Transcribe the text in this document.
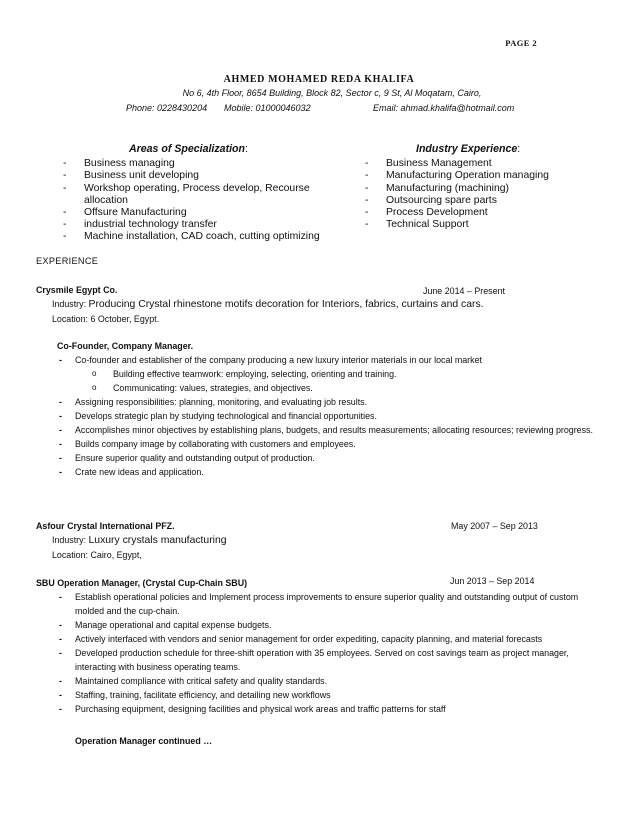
PAGE 2
AHMED MOHAMED REDA KHALIFA
No 6, 4th Floor, 8654 Building, Block 82, Sector c, 9 St, Al Moqatam, Cairo,
Phone: 0228430204 Mobile: 01000046032	Email: ahmad.khalifa@hotmail.com
Areas of Specialization:
- Business managing
- Business unit developing
- Workshop operating, Process develop, Recourse allocation
- Offsure Manufacturing
- industrial technology transfer
- Machine installation, CAD coach, cutting optimizing
Industry Experience:
- Business Management
- Manufacturing Operation managing
- Manufacturing (machining)
- Outsourcing spare parts
- Process Development
- Technical Support
EXPERIENCE
Crysmile Egypt Co.
Industry: Producing Crystal rhinestone motifs decoration for Interiors, fabrics, curtains and cars.
Location: 6 October, Egypt.
June 2014 – Present
Co-Founder, Company Manager.
- Co-founder and establisher of the company producing a new luxury interior materials in our local market
o Building effective teamwork: employing, selecting, orienting and training.
o Communicating: values, strategies, and objectives.
- Assigning responsibilities: planning, monitoring, and evaluating job results.
- Develops strategic plan by studying technological and financial opportunities.
- Accomplishes minor objectives by establishing plans, budgets, and results measurements; allocating resources; reviewing progress.
- Builds company image by collaborating with customers and employees.
- Ensure superior quality and outstanding output of production.
- Crate new ideas and application.
Asfour Crystal International PFZ.
Industry: Luxury crystals manufacturing
Location: Cairo, Egypt,
May 2007 – Sep 2013
SBU Operation Manager, (Crystal Cup-Chain SBU)	Jun 2013 – Sep 2014
- Establish operational policies and Implement process improvements to ensure superior quality and outstanding output of custom molded and the cup-chain.
- Manage operational and capital expense budgets.
- Actively interfaced with vendors and senior management for order expediting, capacity planning, and material forecasts
- Developed production schedule for three-shift operation with 35 employees. Served on cost savings team as project manager, interacting with business operating teams.
- Maintained compliance with critical safety and quality standards.
- Staffing, training, facilitate efficiency, and detailing new workflows
- Purchasing equipment, designing facilities and physical work areas and traffic patterns for staff
Operation Manager continued …
